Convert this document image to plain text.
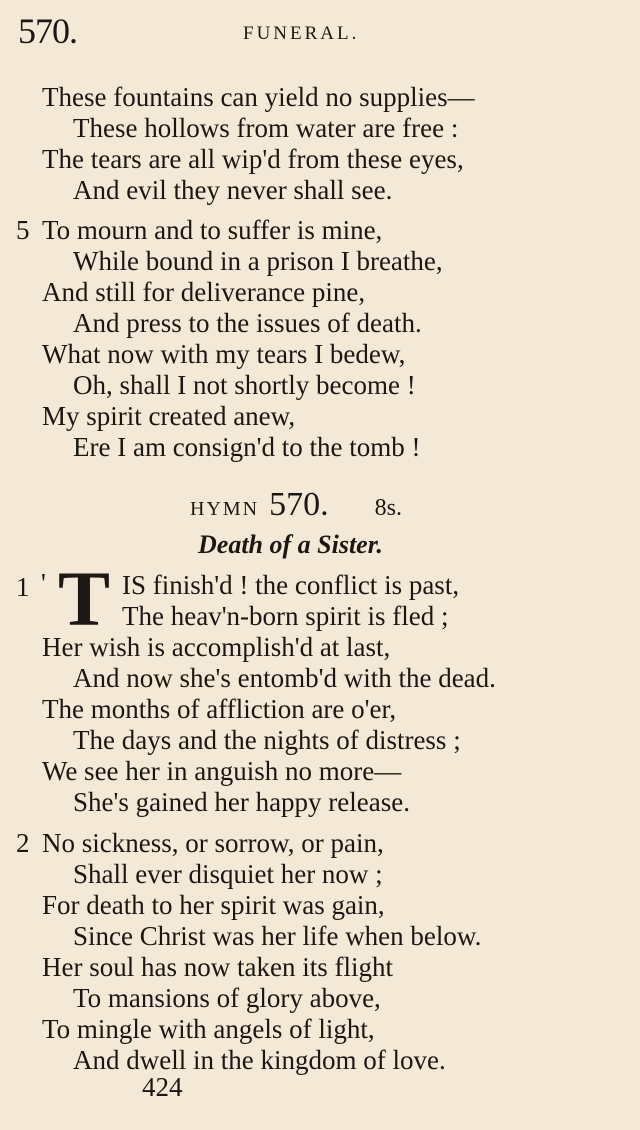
570.	FUNERAL.
These fountains can yield no supplies—
These hollows from water are free :
The tears are all wip'd from these eyes,
And evil they never shall see.
5 To mourn and to suffer is mine,
While bound in a prison I breathe,
And still for deliverance pine,
And press to the issues of death.
What now with my tears I bedew,
Oh, shall I not shortly become !
My spirit created anew,
Ere I am consign'd to the tomb !
HYMN 570. 8s.
Death of a Sister.
1 ' T IS finish'd ! the conflict is past,
The heav'n-born spirit is fled ;
Her wish is accomplish'd at last,
And now she's entomb'd with the dead.
The months of affliction are o'er,
The days and the nights of distress ;
We see her in anguish no more—
She's gained her happy release.
2 No sickness, or sorrow, or pain,
Shall ever disquiet her now ;
For death to her spirit was gain,
Since Christ was her life when below.
Her soul has now taken its flight
To mansions of glory above,
To mingle with angels of light,
And dwell in the kingdom of love.
424
